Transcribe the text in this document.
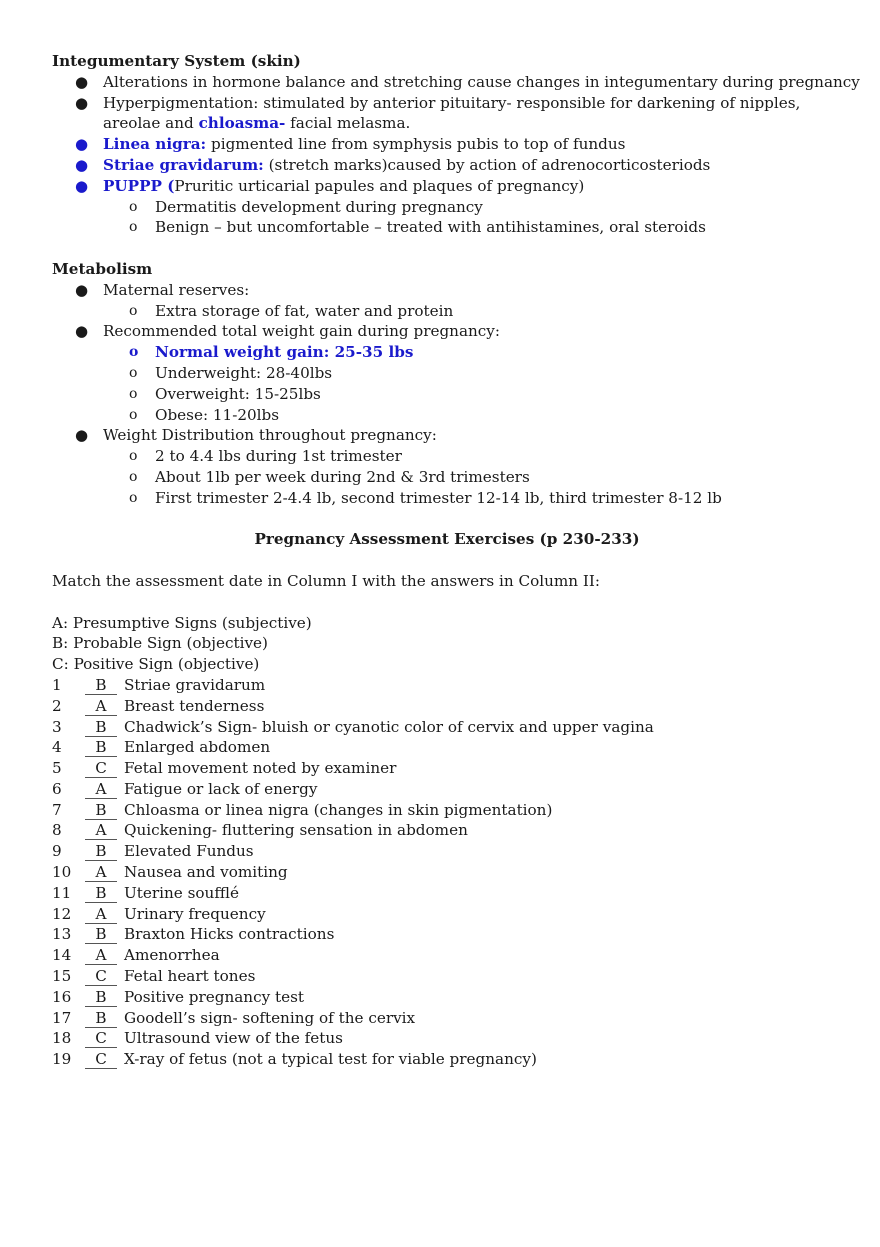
Integumentary System (skin)
● Alterations in hormone balance and stretching cause changes in integumentary during pregnancy
● Hyperpigmentation: stimulated by anterior pituitary- responsible for darkening of nipples,
areolae and chloasma- facial melasma.
● Linea nigra: pigmented line from symphysis pubis to top of fundus
● Striae gravidarum: (stretch marks)caused by action of adrenocorticosteriods
● PUPPP (Pruritic urticarial papules and plaques of pregnancy)
o Dermatitis development during pregnancy
o Benign – but uncomfortable – treated with antihistamines, oral steroids
Metabolism
● Maternal reserves:
o Extra storage of fat, water and protein
● Recommended total weight gain during pregnancy:
o Normal weight gain: 25-35 lbs
o Underweight: 28-40lbs
o Overweight: 15-25lbs
o Obese: 11-20lbs
● Weight Distribution throughout pregnancy:
o 2 to 4.4 lbs during 1st trimester
o About 1lb per week during 2nd & 3rd trimesters
o First trimester 2-4.4 lb, second trimester 12-14 lb, third trimester 8-12 lb
Pregnancy Assessment Exercises (p 230-233)
Match the assessment date in Column I with the answers in Column II:
A: Presumptive Signs (subjective)
B: Probable Sign (objective)
C: Positive Sign (objective)
1	B	Striae gravidarum
2	A	Breast tenderness
3	B	Chadwick’s Sign- bluish or cyanotic color of cervix and upper vagina
4	B	Enlarged abdomen
5	C	Fetal movement noted by examiner
6	A	Fatigue or lack of energy
7	B	Chloasma or linea nigra (changes in skin pigmentation)
8	A	Quickening- fluttering sensation in abdomen
9	B	Elevated Fundus
10	A	Nausea and vomiting
11	B	Uterine soufflé
12	A	Urinary frequency
13	B	Braxton Hicks contractions
14	A	Amenorrhea
15	C	Fetal heart tones
16	B	Positive pregnancy test
17	B	Goodell’s sign- softening of the cervix
18	C	Ultrasound view of the fetus
19	C	X-ray of fetus (not a typical test for viable pregnancy)
